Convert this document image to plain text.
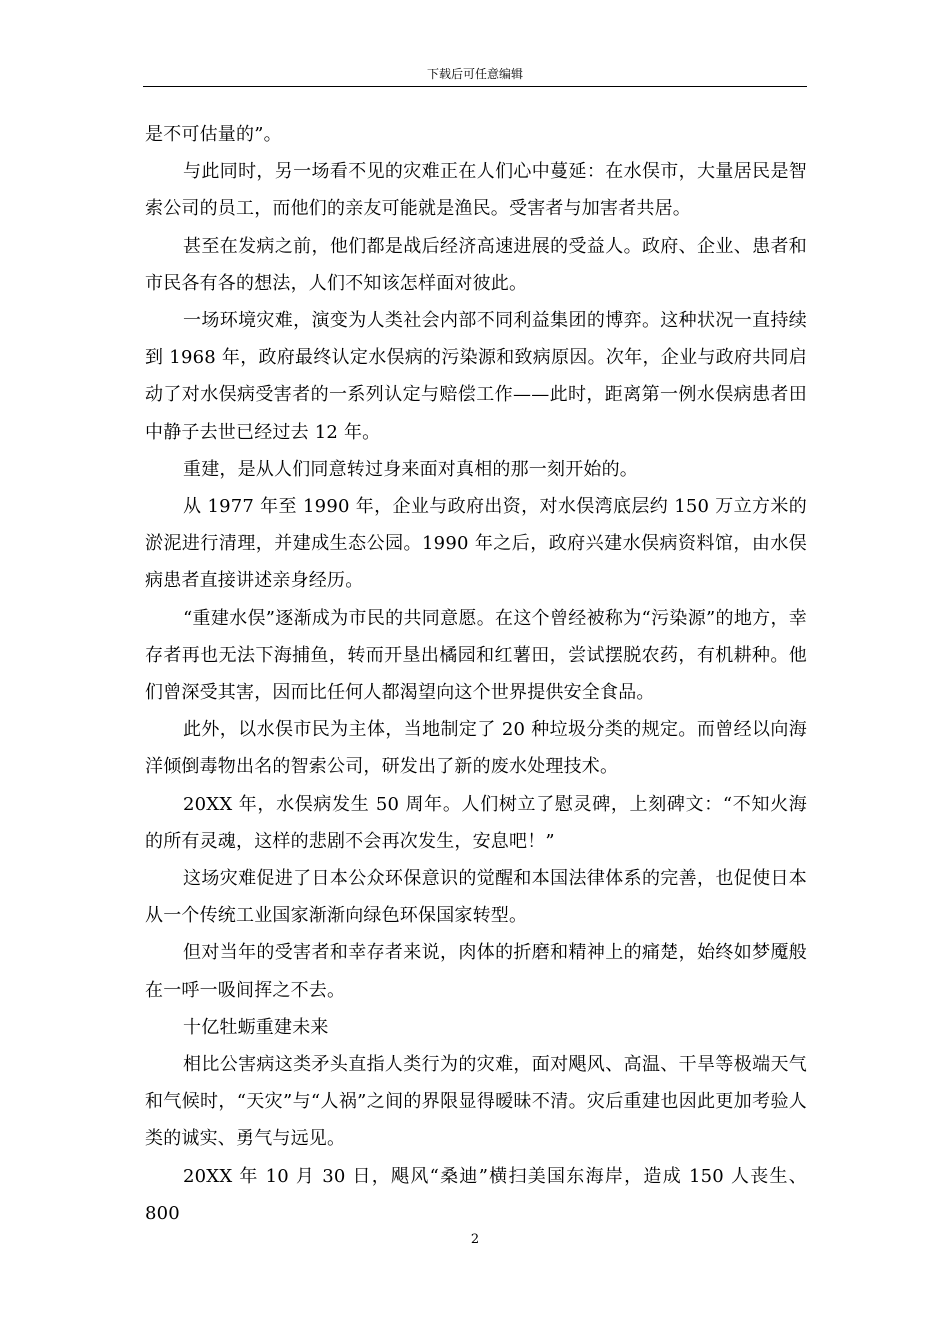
下载后可任意编辑

是不可估量的”。

与此同时，另一场看不见的灾难正在人们心中蔓延：在水俣市，大量居民是智索公司的员工，而他们的亲友可能就是渔民。受害者与加害者共居。

甚至在发病之前，他们都是战后经济高速进展的受益人。政府、企业、患者和市民各有各的想法，人们不知该怎样面对彼此。

一场环境灾难，演变为人类社会内部不同利益集团的博弈。这种状况一直持续到 1968 年，政府最终认定水俣病的污染源和致病原因。次年，企业与政府共同启动了对水俣病受害者的一系列认定与赔偿工作——此时，距离第一例水俣病患者田中静子去世已经过去 12 年。

重建，是从人们同意转过身来面对真相的那一刻开始的。

从 1977 年至 1990 年，企业与政府出资，对水俣湾底层约 150 万立方米的淤泥进行清理，并建成生态公园。1990 年之后，政府兴建水俣病资料馆，由水俣病患者直接讲述亲身经历。

“重建水俣”逐渐成为市民的共同意愿。在这个曾经被称为“污染源”的地方，幸存者再也无法下海捕鱼，转而开垦出橘园和红薯田，尝试摆脱农药，有机耕种。他们曾深受其害，因而比任何人都渴望向这个世界提供安全食品。

此外，以水俣市民为主体，当地制定了 20 种垃圾分类的规定。而曾经以向海洋倾倒毒物出名的智索公司，研发出了新的废水处理技术。

20XX 年，水俣病发生 50 周年。人们树立了慰灵碑，上刻碑文：“不知火海的所有灵魂，这样的悲剧不会再次发生，安息吧！”

这场灾难促进了日本公众环保意识的觉醒和本国法律体系的完善，也促使日本从一个传统工业国家渐渐向绿色环保国家转型。

但对当年的受害者和幸存者来说，肉体的折磨和精神上的痛楚，始终如梦魇般在一呼一吸间挥之不去。

十亿牡蛎重建未来

相比公害病这类矛头直指人类行为的灾难，面对飓风、高温、干旱等极端天气和气候时，“天灾”与“人祸”之间的界限显得暧昧不清。灾后重建也因此更加考验人类的诚实、勇气与远见。

20XX 年 10 月 30 日，飓风“桑迪”横扫美国东海岸，造成 150 人丧生、800

2
